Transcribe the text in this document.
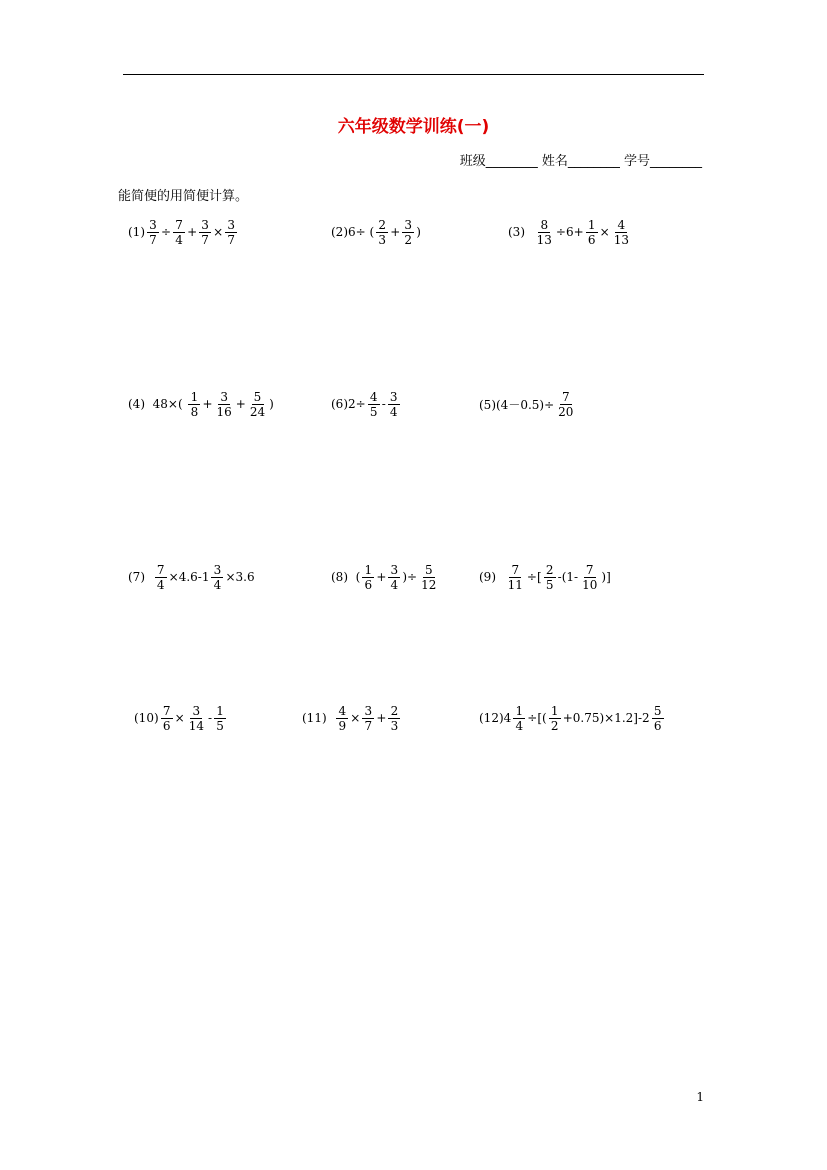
六年级数学训练(一)
班级________ 姓名________ 学号________
能简便的用简便计算。
$(1) \frac{3}{7} \div \frac{7}{4} + \frac{3}{7} \times \frac{3}{7}$	(2)6÷ ( $\frac{2}{3} + \frac{3}{2}$ )	$(3) \frac{8}{13} \div 6+ \frac{1}{6} \times \frac{4}{13}$
(4)  $48\times( \frac{1}{8} + \frac{3}{16} + \frac{5}{24}$ )	$(6)2\div \frac{4}{5} - \frac{3}{4}$	$(5)(4-0.5)\div \frac{7}{20}$
$(7) \frac{7}{4} \times 4.6-1 \frac{3}{4} \times 3.6$	(8)  ( $\frac{1}{6} + \frac{3}{4}$ )÷ $\frac{5}{12}$	$(9) \frac{7}{11}$ ÷[ $\frac{2}{5} -(1- \frac{7}{10}$ )]
$(10) \frac{7}{6} \times \frac{3}{14} - \frac{1}{5}$	$(11) \frac{4}{9} \times \frac{3}{7} + \frac{2}{3}$	$(12)4 \frac{1}{4}$ ÷[( $\frac{1}{2} +0.75)\times 1.2]-2 \frac{5}{6}$
1
